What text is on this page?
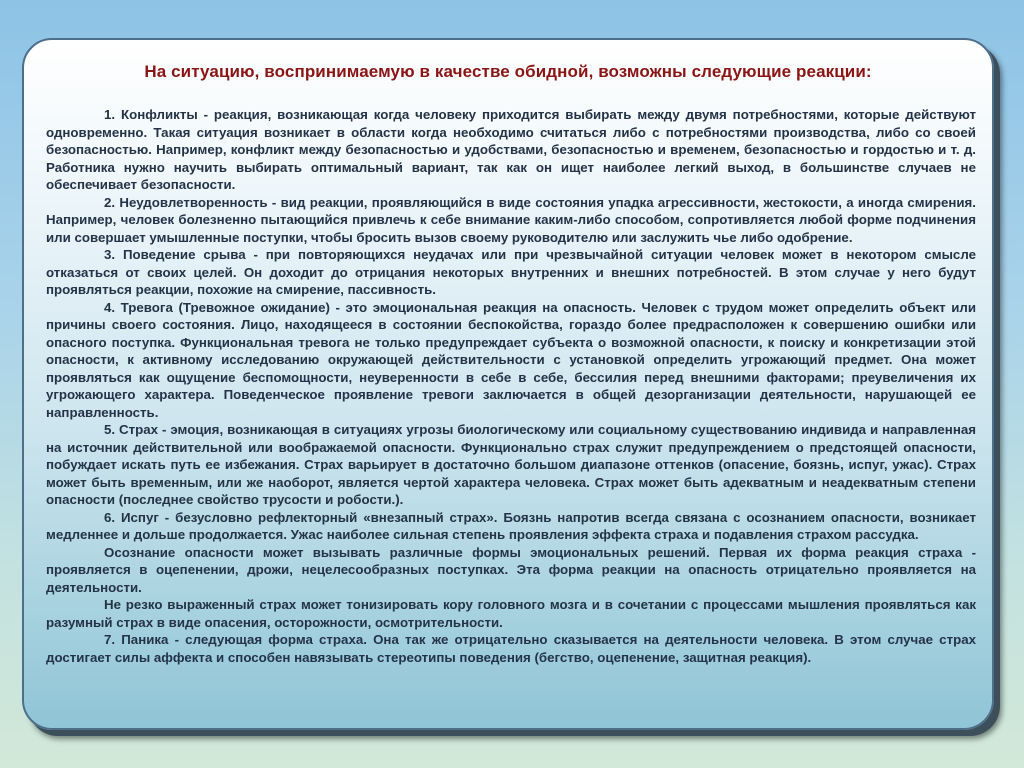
На ситуацию, воспринимаемую в качестве обидной, возможны следующие реакции:

1. Конфликты - реакция, возникающая когда человеку приходится выбирать между двумя потребностями, которые действуют одновременно. Такая ситуация возникает в области когда необходимо считаться либо с потребностями производства, либо со своей безопасностью. Например, конфликт между безопасностью и удобствами, безопасностью и временем, безопасностью и гордостью и т. д. Работника нужно научить выбирать оптимальный вариант, так как он ищет наиболее легкий выход, в большинстве случаев не обеспечивает безопасности.

2. Неудовлетворенность - вид реакции, проявляющийся в виде состояния упадка агрессивности, жестокости, а иногда смирения. Например, человек болезненно пытающийся привлечь к себе внимание каким-либо способом, сопротивляется любой форме подчинения или совершает умышленные поступки, чтобы бросить вызов своему руководителю или заслужить чье либо одобрение.

3. Поведение срыва - при повторяющихся неудачах или при чрезвычайной ситуации человек может в некотором смысле отказаться от своих целей. Он доходит до отрицания некоторых внутренних и внешних потребностей. В этом случае у него будут проявляться реакции, похожие на смирение, пассивность.

4. Тревога (Тревожное ожидание) - это эмоциональная реакция на опасность. Человек с трудом может определить объект или причины своего состояния. Лицо, находящееся в состоянии беспокойства, гораздо более предрасположен к совершению ошибки или опасного поступка. Функциональная тревога не только предупреждает субъекта о возможной опасности, к поиску и конкретизации этой опасности, к активному исследованию окружающей действительности с установкой определить угрожающий предмет. Она может проявляться как ощущение беспомощности, неуверенности в себе в себе, бессилия перед внешними факторами; преувеличения их угрожающего характера. Поведенческое проявление тревоги заключается в общей дезорганизации деятельности, нарушающей ее направленность.

5. Страх - эмоция, возникающая в ситуациях угрозы биологическому или социальному существованию индивида и направленная на источник действительной или воображаемой опасности. Функционально страх служит предупреждением о предстоящей опасности, побуждает искать путь ее избежания. Страх варьирует в достаточно большом диапазоне оттенков (опасение, боязнь, испуг, ужас). Страх может быть временным, или же наоборот, является чертой характера человека. Страх может быть адекватным и неадекватным степени опасности (последнее свойство трусости и робости.).

6. Испуг - безусловно рефлекторный «внезапный страх». Боязнь напротив всегда связана с осознанием опасности, возникает медленнее и дольше продолжается. Ужас наиболее сильная степень проявления эффекта страха и подавления страхом рассудка.

Осознание опасности может вызывать различные формы эмоциональных решений. Первая их форма реакция страха - проявляется в оцепенении, дрожи, нецелесообразных поступках. Эта форма реакции на опасность отрицательно проявляется на деятельности.

Не резко выраженный страх может тонизировать кору головного мозга и в сочетании с процессами мышления проявляться как разумный страх в виде опасения, осторожности, осмотрительности.

7. Паника - следующая форма страха. Она так же отрицательно сказывается на деятельности человека. В этом случае страх достигает силы аффекта и способен навязывать стереотипы поведения (бегство, оцепенение, защитная реакция).
